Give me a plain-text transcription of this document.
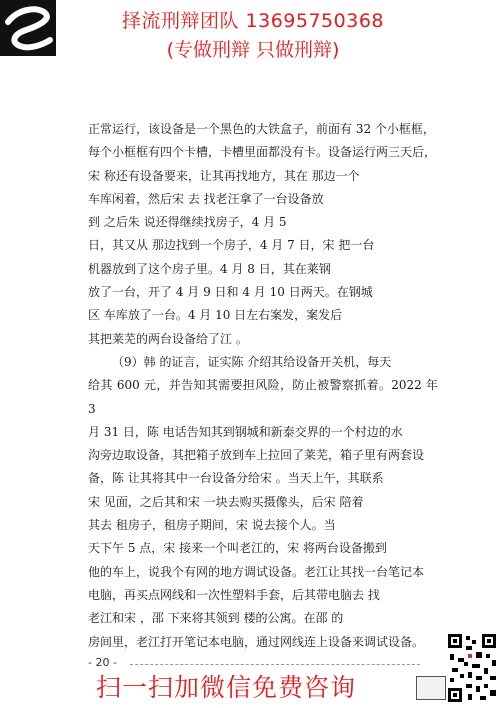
择流刑辩团队 13695750368
(专做刑辩 只做刑辩)

正常运行，该设备是一个黑色的大铁盒子，前面有 32 个小框框，

每个小框框有四个卡槽，卡槽里面都没有卡。设备运行两三天后，

宋 称还有设备要来，让其再找地方，其在 那边一个

车库闲着，然后宋 去 找老汪拿了一台设备放

到 之后朱 说还得继续找房子，4 月 5

日，其又从 那边找到一个房子，4 月 7 日，宋 把一台

机器放到了这个房子里。4 月 8 日，其在莱钢

放了一台，开了 4 月 9 日和 4 月 10 日两天。在钢城

区 车库放了一台。4 月 10 日左右案发，案发后

其把莱芜的两台设备给了江 。

（9）韩 的证言，证实陈 介绍其给设备开关机，每天

给其 600 元，并告知其需要担风险，防止被警察抓着。2022 年 3

月 31 日，陈 电话告知其到钢城和新泰交界的一个村边的水

沟旁边取设备，其把箱子放到车上拉回了莱芜，箱子里有两套设

备，陈 让其将其中一台设备分给宋 。当天上午，其联系

宋 见面，之后其和宋 一块去购买摄像头，后宋 陪着

其去 租房子，租房子期间，宋 说去接个人。当

天下午 5 点，宋 接来一个叫老江的，宋 将两台设备搬到

他的车上，说我个有网的地方调试设备。老江让其找一台笔记本

电脑，再买点网线和一次性塑料手套，后其带电脑去 找

老江和宋 ，邵 下来将其领到 楼的公寓。在邵 的

房间里，老江打开笔记本电脑，通过网线连上设备来调试设备。

- 20 -
扫一扫加微信免费咨询
